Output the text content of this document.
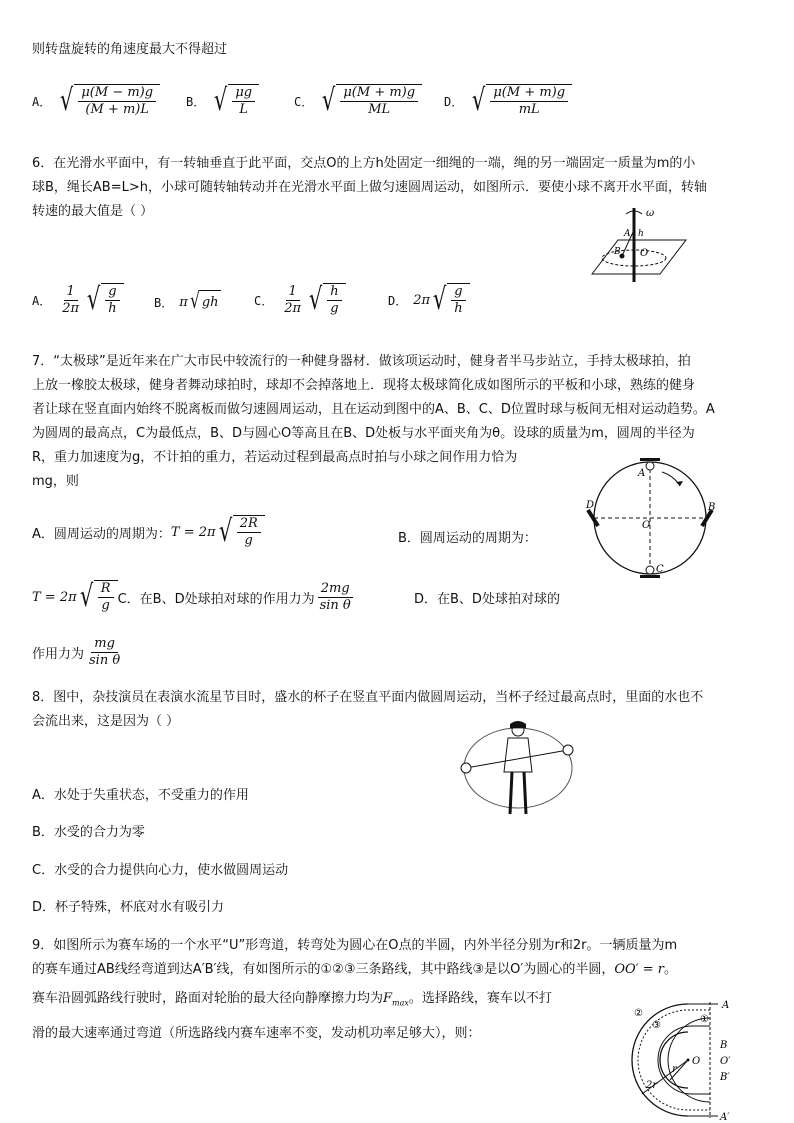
则转盘旋转的角速度最大不得超过
A． √ $\frac{\mu(M - m)g}{(M + m)L}$ B． √ $\frac{\mu g}{L}$	C． √ $\frac{\mu(M + m)g}{ML}$ D． √ $\frac{\mu(M + m)g}{mL}$
6．在光滑水平面中，有一转轴垂直于此平面，交点O的上方h处固定一细绳的一端，绳的另一端固定一质量为m的小
球B，绳长AB=L>h，小球可随转轴转动并在光滑水平面上做匀速圆周运动，如图所示．要使小球不离开水平面，转轴
转速的最大值是（ ）	ω
A h
B O
A． $\frac{1}{2\pi}$ √ $\frac{g}{h}$	B． π √ gh	C． $\frac{1}{2\pi}$ √ $\frac{h}{g}$	D． 2π √ $\frac{g}{h}$
7．“太极球”是近年来在广大市民中较流行的一种健身器材．做该项运动时，健身者半马步站立，手持太极球拍，拍
上放一橡胶太极球，健身者舞动球拍时，球却不会掉落地上．现将太极球简化成如图所示的平板和小球，熟练的健身
者让球在竖直面内始终不脱离板而做匀速圆周运动，且在运动到图中的A、B、C、D位置时球与板间无相对运动趋势。A
为圆周的最高点，C为最低点，B、D与圆心O等高且在B、D处板与水平面夹角为θ。设球的质量为m，圆周的半径为
R，重力加速度为g，不计拍的重力，若运动过程到最高点时拍与小球之间作用力恰为
mg，则
A
B
C
D
O
A．圆周运动的周期为： T = 2π √ $\frac{2R}{g}$	B．圆周运动的周期为：
T = 2π √ $\frac{R}{g}$ C．在B、D处球拍对球的作用力为 $\frac{2mg}{\text{sin θ}}$	D．在B、D处球拍对球的
作用力为 $\frac{mg}{\text{sin θ}}$
8．图中，杂技演员在表演水流星节目时，盛水的杯子在竖直平面内做圆周运动，当杯子经过最高点时，里面的水也不
会流出来，这是因为（ ）
A．水处于失重状态，不受重力的作用
B．水受的合力为零
C．水受的合力提供向心力，使水做圆周运动
D．杯子特殊，杯底对水有吸引力
9．如图所示为赛车场的一个水平“U”形弯道，转弯处为圆心在O点的半圆，内外半径分别为r和2r。一辆质量为m
的赛车通过AB线经弯道到达A′B′线，有如图所示的①②③三条路线，其中路线③是以O′为圆心的半圆，OO′ = r。
赛车沿圆弧路线行驶时，路面对轮胎的最大径向静摩擦力均为$F_{max}$。选择路线，赛车以不打
滑的最大速率通过弯道（所选路线内赛车速率不变，发动机功率足够大），则：
①
②
③
A
B
O O′
B′
A′
r
2r
